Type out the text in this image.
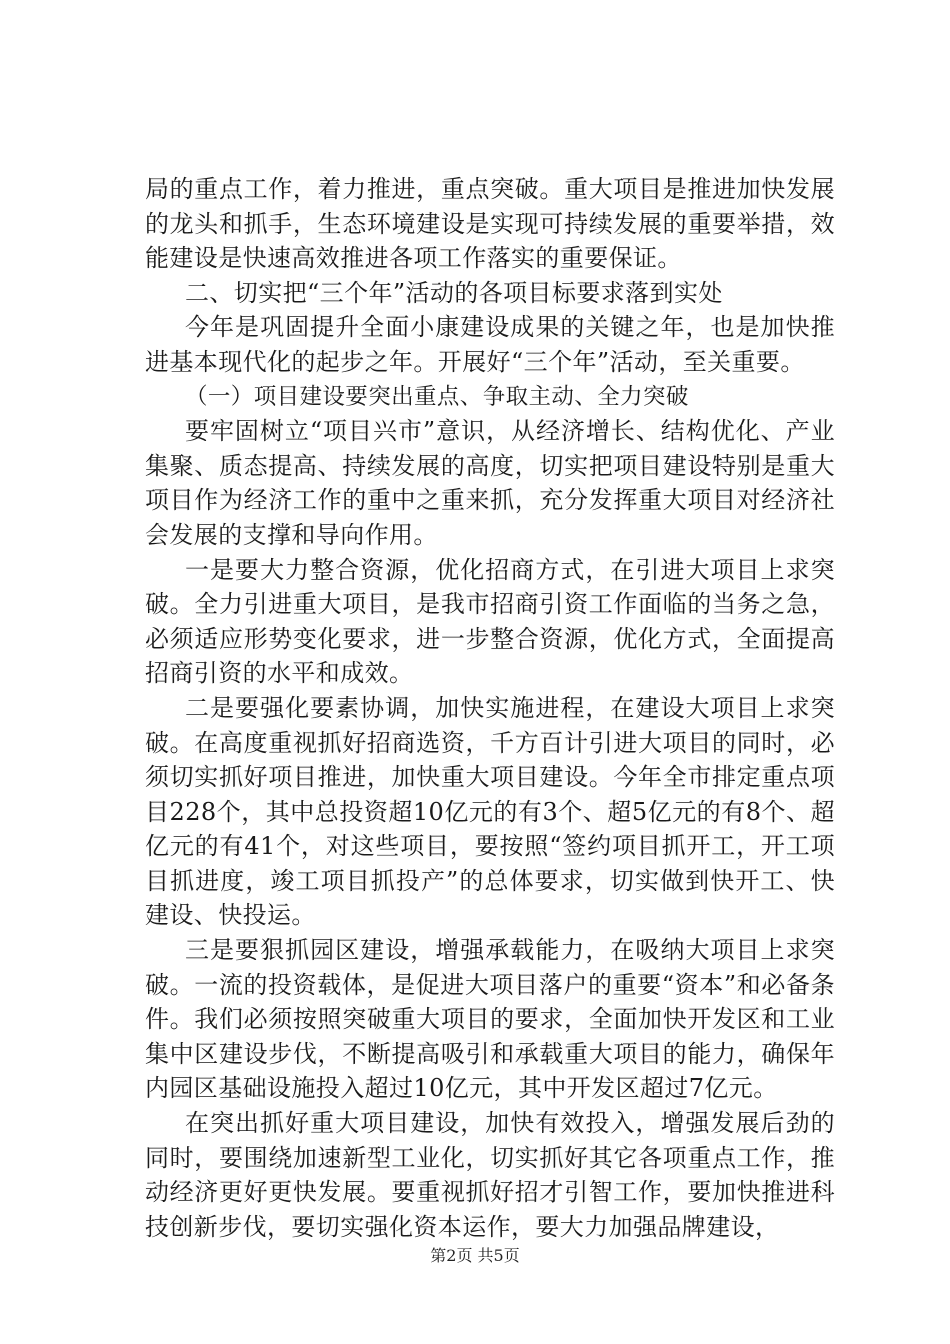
局的重点工作，着力推进，重点突破。重大项目是推进加快发展的龙头和抓手，生态环境建设是实现可持续发展的重要举措，效能建设是快速高效推进各项工作落实的重要保证。

二、切实把“三个年”活动的各项目标要求落到实处

今年是巩固提升全面小康建设成果的关键之年，也是加快推进基本现代化的起步之年。开展好“三个年”活动，至关重要。

（一）项目建设要突出重点、争取主动、全力突破

要牢固树立“项目兴市”意识，从经济增长、结构优化、产业集聚、质态提高、持续发展的高度，切实把项目建设特别是重大项目作为经济工作的重中之重来抓，充分发挥重大项目对经济社会发展的支撑和导向作用。

一是要大力整合资源，优化招商方式，在引进大项目上求突破。全力引进重大项目，是我市招商引资工作面临的当务之急，必须适应形势变化要求，进一步整合资源，优化方式，全面提高招商引资的水平和成效。

二是要强化要素协调，加快实施进程，在建设大项目上求突破。在高度重视抓好招商选资，千方百计引进大项目的同时，必须切实抓好项目推进，加快重大项目建设。今年全市排定重点项目228个，其中总投资超10亿元的有3个、超5亿元的有8个、超亿元的有41个，对这些项目，要按照“签约项目抓开工，开工项目抓进度，竣工项目抓投产”的总体要求，切实做到快开工、快建设、快投运。

三是要狠抓园区建设，增强承载能力，在吸纳大项目上求突破。一流的投资载体，是促进大项目落户的重要“资本”和必备条件。我们必须按照突破重大项目的要求，全面加快开发区和工业集中区建设步伐，不断提高吸引和承载重大项目的能力，确保年内园区基础设施投入超过10亿元，其中开发区超过7亿元。

在突出抓好重大项目建设，加快有效投入，增强发展后劲的同时，要围绕加速新型工业化，切实抓好其它各项重点工作，推动经济更好更快发展。要重视抓好招才引智工作，要加快推进科技创新步伐，要切实强化资本运作，要大力加强品牌建设，

第2页 共5页
